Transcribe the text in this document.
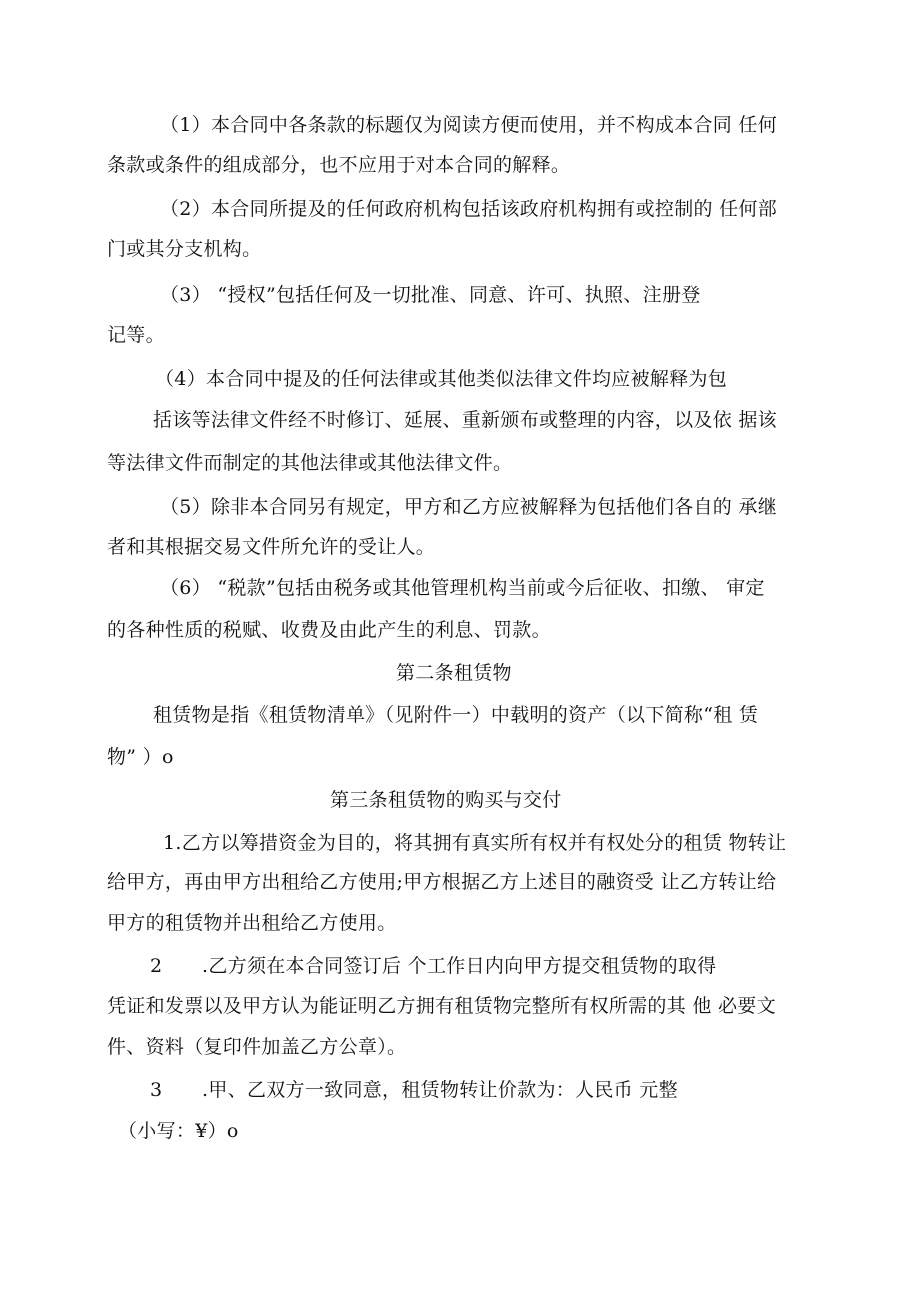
（1）本合同中各条款的标题仅为阅读方便而使用，并不构成本合同 任何
条款或条件的组成部分，也不应用于对本合同的解释。
（2）本合同所提及的任何政府机构包括该政府机构拥有或控制的 任何部
门或其分支机构。
（3） “授权”包括任何及一切批准、同意、许可、执照、注册登
记等。
（4）本合同中提及的任何法律或其他类似法律文件均应被解释为包
括该等法律文件经不时修订、延展、重新颁布或整理的内容，以及依 据该
等法律文件而制定的其他法律或其他法律文件。
（5）除非本合同另有规定，甲方和乙方应被解释为包括他们各自的 承继
者和其根据交易文件所允许的受让人。
（6） “税款”包括由税务或其他管理机构当前或今后征收、扣缴、 审定
的各种性质的税赋、收费及由此产生的利息、罚款。
第二条租赁物
租赁物是指《租赁物清单》（见附件一）中载明的资产（以下简称“租 赁
物” ）o
第三条租赁物的购买与交付
1.乙方以筹措资金为目的，将其拥有真实所有权并有权处分的租赁 物转让
给甲方，再由甲方出租给乙方使用;甲方根据乙方上述目的融资受 让乙方转让给
甲方的租赁物并出租给乙方使用。
2 .乙方须在本合同签订后 个工作日内向甲方提交租赁物的取得
凭证和发票以及甲方认为能证明乙方拥有租赁物完整所有权所需的其 他 必要文
件、资料（复印件加盖乙方公章）。
3 .甲、乙双方一致同意，租赁物转让价款为：人民币 元整
（小写：¥）o
